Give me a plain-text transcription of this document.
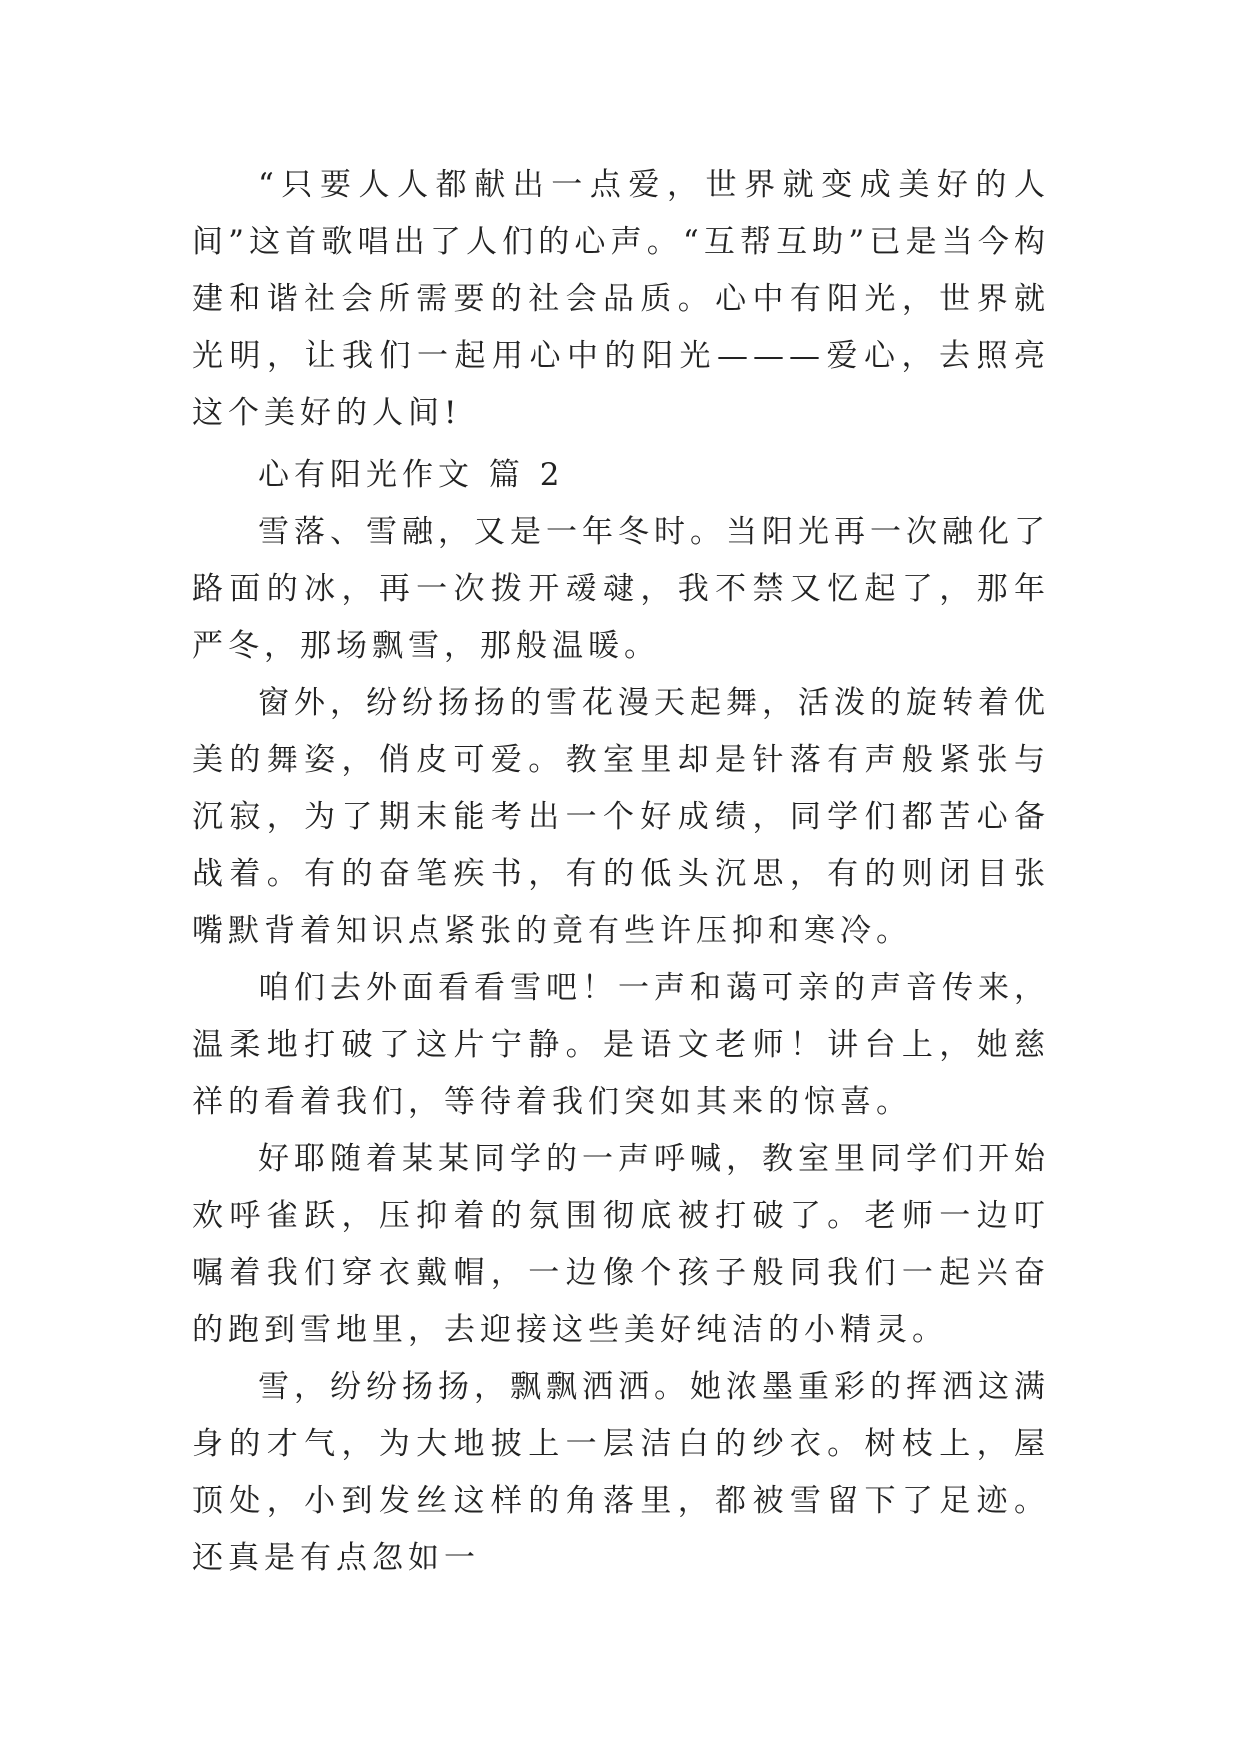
“只要人人都献出一点爱，世界就变成美好的人间”这首歌唱出了人们的心声。“互帮互助”已是当今构建和谐社会所需要的社会品质。心中有阳光，世界就光明，让我们一起用心中的阳光———爱心，去照亮这个美好的人间!

心有阳光作文 篇 2

雪落、雪融，又是一年冬时。当阳光再一次融化了路面的冰，再一次拨开叆叇，我不禁又忆起了，那年严冬，那场飘雪，那般温暖。

窗外，纷纷扬扬的雪花漫天起舞，活泼的旋转着优美的舞姿，俏皮可爱。教室里却是针落有声般紧张与沉寂，为了期末能考出一个好成绩，同学们都苦心备战着。有的奋笔疾书，有的低头沉思，有的则闭目张嘴默背着知识点紧张的竟有些许压抑和寒冷。

咱们去外面看看雪吧！一声和蔼可亲的声音传来，温柔地打破了这片宁静。是语文老师！讲台上，她慈祥的看着我们，等待着我们突如其来的惊喜。

好耶随着某某同学的一声呼喊，教室里同学们开始欢呼雀跃，压抑着的氛围彻底被打破了。老师一边叮嘱着我们穿衣戴帽，一边像个孩子般同我们一起兴奋的跑到雪地里，去迎接这些美好纯洁的小精灵。

雪，纷纷扬扬，飘飘洒洒。她浓墨重彩的挥洒这满身的才气，为大地披上一层洁白的纱衣。树枝上，屋顶处，小到发丝这样的角落里，都被雪留下了足迹。还真是有点忽如一
